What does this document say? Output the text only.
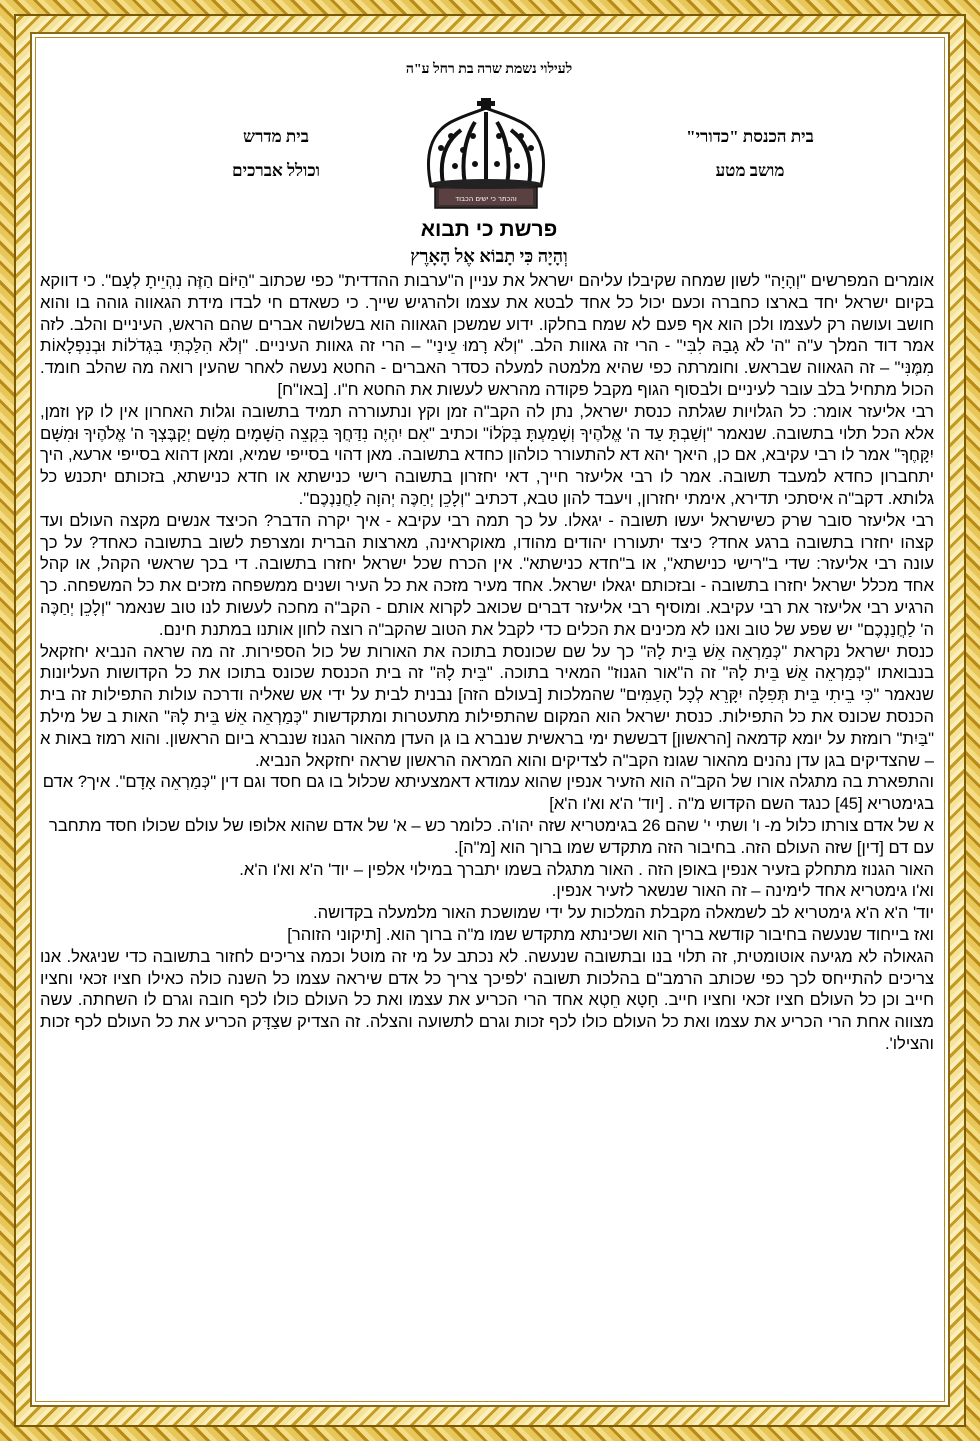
לעילוי נשמת שרה בת רחל ע"ה
בית הכנסת "כדורי"
מושב מטע
והכתר כי ישים הכבוד
בית מדרש
וכולל אברכים
פרשת כי תבוא
וְהָיָה כִּי תָבוֹא אֶל הָאָרֶץ

אומרים המפרשים "וְהָיָה" לשון שמחה שקיבלו עליהם ישראל את עניין ה"ערבות ההדדית" כפי שכתוב "הַיּוֹם הַזֶּה נִהְיֵיתָ לְעָם". כי דווקא בקיום ישראל יחד בארצו כחברה וכעם יכול כל אחד לבטא את עצמו ולהרגיש שייך. כי כשאדם חי לבדו מידת הגאווה גוהה בו והוא חושב ועושה רק לעצמו ולכן הוא אף פעם לא שמח בחלקו. ידוע שמשכן הגאווה הוא בשלושה אברים שהם הראש, העיניים והלב. לזה אמר דוד המלך ע"ה "ה' לֹא גָבַהּ לִבִּי" - הרי זה גאוות הלב. "וְלֹא רָמוּ עֵינַי" – הרי זה גאוות העיניים. "וְלֹא הִלַּכְתִּי בִּגְדֹלוֹת וּבְנִפְלָאוֹת מִמֶּנִּי" – זה הגאווה שבראש. וחומרתה כפי שהיא מלמטה למעלה כסדר האברים - החטא נעשה לאחר שהעין רואה מה שהלב חומד. הכול מתחיל בלב עובר לעיניים ולבסוף הגוף מקבל פקודה מהראש לעשות את החטא ח"ו. [באו"ח]

רבי אליעזר אומר: כל הגלויות שגלתה כנסת ישראל, נתן לה הקב"ה זמן וקץ ונתעוררה תמיד בתשובה וגלות האחרון אין לו קץ וזמן, אלא הכל תלוי בתשובה. שנאמר "וְשַׁבְתָּ עַד ה' אֱלֹהֶיךָ וְשָׁמַעְתָּ בְּקֹלוֹ" וכתיב "אִם יִהְיֶה נִדַּחֲךָ בִּקְצֵה הַשָּׁמָיִם מִשָּׁם יְקַבֶּצְךָ ה' אֱלֹהֶיךָ וּמִשָּׁם יִקָּחֶךָ" אמר לו רבי עקיבא, אם כן, היאך יהא דא להתעורר כולהון כחדא בתשובה. מאן דהוי בסייפי שמיא, ומאן דהוא בסייפי ארעא, היך יתחברון כחדא למעבד תשובה. אמר לו רבי אליעזר חייך, דאי יחזרון בתשובה רישי כנישתא או חדא כנישתא, בזכותם יתכנש כל גלותא. דקב"ה איסתכי תדירא, אימתי יחזרון, ויעבד להון טבא, דכתיב "וְלָכֵן יְחַכֶּה יְהוָה לַחֲנַנְכֶם".

רבי אליעזר סובר שרק כשישראל יעשו תשובה - יגאלו. על כך תמה רבי עקיבא - איך יקרה הדבר? הכיצד אנשים מקצה העולם ועד קצהו יחזרו בתשובה ברגע אחד? כיצד יתעוררו יהודים מהודו, מאוקראינה, מארצות הברית ומצרפת לשוב בתשובה כאחד? על כך עונה רבי אליעזר: שדי ב"רישי כנישתא", או ב"חדא כנישתא". אין הכרח שכל ישראל יחזרו בתשובה. די בכך שראשי הקהל, או קהל אחד מכלל ישראל יחזרו בתשובה - ובזכותם יגאלו ישראל. אחד מעיר מזכה את כל העיר ושנים ממשפחה מזכים את כל המשפחה. כך הרגיע רבי אליעזר את רבי עקיבא. ומוסיף רבי אליעזר דברים שכואב לקרוא אותם - הקב"ה מחכה לעשות לנו טוב שנאמר "וְלָכֵן יְחַכֶּה ה' לַחֲנַנְכֶם" יש שפע של טוב ואנו לא מכינים את הכלים כדי לקבל את הטוב שהקב"ה רוצה לחון אותנו במתנת חינם.

כנסת ישראל נקראת "כְּמַרְאֵה אֵשׁ בֵּית לָהּ" כך על שם שכונסת בתוכה את האורות של כול הספירות. זה מה שראה הנביא יחזקאל בנבואתו "כְּמַרְאֵה אֵשׁ בֵּית לָהּ" זה ה"אור הגנוז" המאיר בתוכה. "בֵּית לָהּ" זה בית הכנסת שכונס בתוכו את כל הקדושות העליונות שנאמר "כִּי בֵיתִי בֵּית תְּפִלָּה יִקָּרֵא לְכָל הָעַמִּים" שהמלכות [בעולם הזה] נבנית לבית על ידי אש שאליה ודרכה עולות התפילות זה בית הכנסת שכונס את כל התפילות. כנסת ישראל הוא המקום שהתפילות מתעטרות ומתקדשות "כְּמַרְאֵה אֵשׁ בֵּית לָהּ" האות ב של מילת "בַּיִת" רומזת על יומא קדמאה [הראשון] דבששת ימי בראשית שנברא בו גן העדן מהאור הגנוז שנברא ביום הראשון. והוא רמוז באות א – שהצדיקים בגן עדן נהנים מהאור שגונז הקב"ה לצדיקים והוא המראה הראשון שראה יחזקאל הנביא.

והתפארת בה מתגלה אורו של הקב"ה הוא הזעיר אנפין שהוא עמודא דאמצעיתא שכלול בו גם חסד וגם דין "כְּמַרְאֵה אָדָם". איך? אדם בגימטריא [45] כנגד השם הקדוש מ"ה . [יוד' ה'א וא'ו ה'א]

א של אדם צורתו כלול מ- ו' ושתי י' שהם 26 בגימטריא שזה יהו'ה. כלומר כש – א' של אדם שהוא אלופו של עולם שכולו חסד מתחבר עם דם [דין] שזה העולם הזה. בחיבור הזה מתקדש שמו ברוך הוא [מ"ה].

האור הגנוז מתחלק בזעיר אנפין באופן הזה . האור מתגלה בשמו יתברך במילוי אלפין – יוד' ה'א וא'ו ה'א.

וא'ו גימטריא אחד לימינה – זה האור שנשאר לזעיר אנפין.

יוד' ה'א ה'א גימטריא לב לשמאלה מקבלת המלכות על ידי שמושכת האור מלמעלה בקדושה.

ואז בייחוד שנעשה בחיבור קודשא בריך הוא ושכינתא מתקדש שמו מ"ה ברוך הוא. [תיקוני הזוהר]

הגאולה לא מגיעה אוטומטית, זה תלוי בנו ובתשובה שנעשה. לא נכתב על מי זה מוטל וכמה צריכים לחזור בתשובה כדי שניגאל. אנו צריכים להתייחס לכך כפי שכותב הרמב"ם בהלכות תשובה 'לפיכך צריך כל אדם שיראה עצמו כל השנה כולה כאילו חציו זכאי וחציו חייב וכן כל העולם חציו זכאי וחציו חייב. חָטָא חֵטְא אחד הרי הכריע את עצמו ואת כל העולם כולו לכף חובה וגרם לו השחתה. עשה מצווה אחת הרי הכריע את עצמו ואת כל העולם כולו לכף זכות וגרם לתשועה והצלה. זה הצדיק שצַדָּק הכריע את כל העולם לכף זכות והצילו'.
